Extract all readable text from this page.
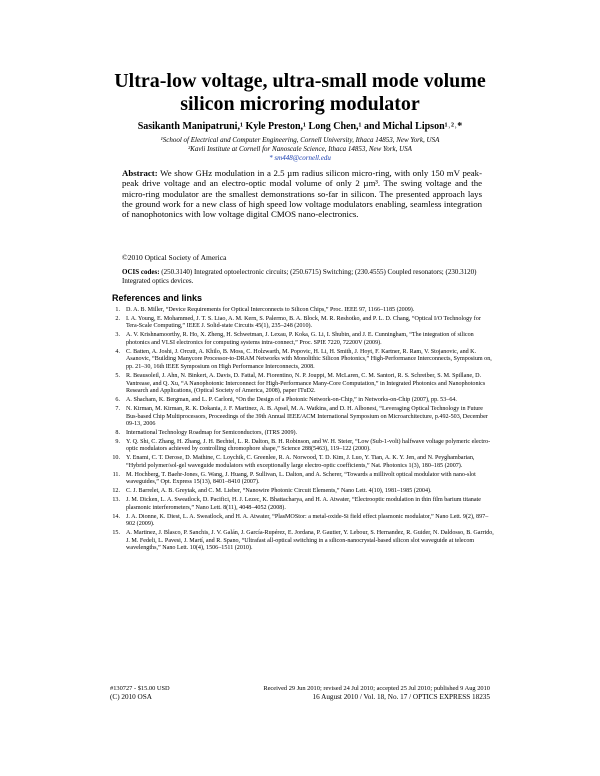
Ultra-low voltage, ultra-small mode volume
silicon microring modulator
Sasikanth Manipatruni,¹ Kyle Preston,¹ Long Chen,¹ and Michal Lipson¹˒²˒*
¹School of Electrical and Computer Engineering, Cornell University, Ithaca 14853, New York, USA
²Kavli Institute at Cornell for Nanoscale Science, Ithaca 14853, New York, USA
* sm448@cornell.edu
Abstract: We show GHz modulation in a 2.5 µm radius silicon micro-ring, with only 150 mV peak-peak drive voltage and an electro-optic modal volume of only 2 µm³. The swing voltage and the micro-ring modulator are the smallest demonstrations so-far in silicon. The presented approach lays the ground work for a new class of high speed low voltage modulators enabling, seamless integration of nanophotonics with low voltage digital CMOS nano-electronics.
©2010 Optical Society of America
OCIS codes: (250.3140) Integrated optoelectronic circuits; (250.6715) Switching; (230.4555) Coupled resonators; (230.3120) Integrated optics devices.
References and links
1. D. A. B. Miller, “Device Requirements for Optical Interconnects to Silicon Chips,” Proc. IEEE 97, 1166–1185 (2009).
2. I. A. Young, E. Mohammed, J. T. S. Liao, A. M. Kern, S. Palermo, B. A. Block, M. R. Reshotko, and P. L. D. Chang, “Optical I/O Technology for Tera-Scale Computing,” IEEE J. Solid-state Circuits 45(1), 235–248 (2010).
3. A. V. Krishnamoorthy, R. Ho, X. Zheng, H. Schwetman, J. Lexau, P. Koka, G. Li, I. Shubin, and J. E. Cunningham, “The integration of silicon photonics and VLSI electronics for computing systems intra-connect,” Proc. SPIE 7220, 72200V (2009).
4. C. Batten, A. Joshi, J. Orcutt, A. Khilo, B. Moss, C. Holzwarth, M. Popovic, H. Li, H. Smith, J. Hoyt, F. Kartner, R. Ram, V. Stojanovic, and K. Asanovic, “Building Manycore Processor-to-DRAM Networks with Monolithic Silicon Photonics,” High-Performance Interconnects, Symposium on, pp. 21–30, 16th IEEE Symposium on High Performance Interconnects, 2008.
5. R. Beausoleil, J. Ahn, N. Binkert, A. Davis, D. Fattal, M. Fiorentino, N. P. Jouppi, M. McLaren, C. M. Santori, R. S. Schreiber, S. M. Spillane, D. Vantrease, and Q. Xu, “A Nanophotonic Interconnect for High-Performance Many-Core Computation,” in Integrated Photonics and Nanophotonics Research and Applications, (Optical Society of America, 2008), paper ITuD2.
6. A. Shacham, K. Bergman, and L. P. Carloni, “On the Design of a Photonic Network-on-Chip,” in Networks-on-Chip (2007), pp. 53–64.
7. N. Kirman, M. Kirman, R. K. Dokania, J. F. Martinez, A. B. Apsel, M. A. Watkins, and D. H. Albonesi, “Leveraging Optical Technology in Future Bus-based Chip Multiprocessors, Proceedings of the 39th Annual IEEE/ACM International Symposium on Microarchitecture, p.492-503, December 09-13, 2006
8. International Technology Roadmap for Semiconductors, (ITRS 2009).
9. Y. Q. Shi, C. Zhang, H. Zhang, J. H. Bechtel, L. R. Dalton, B. H. Robinson, and W. H. Steier, “Low (Sub-1-volt) halfwave voltage polymeric electro-optic modulators achieved by controlling chromophore shape,” Science 288(5463), 119–122 (2000).
10. Y. Enami, C. T. Derose, D. Mathine, C. Loychik, C. Greenlee, R. A. Norwood, T. D. Kim, J. Luo, Y. Tian, A. K. Y. Jen, and N. Peyghambarian, “Hybrid polymer/sol-gel waveguide modulators with exceptionally large electro-optic coefficients,” Nat. Photonics 1(3), 180–185 (2007).
11. M. Hochberg, T. Baehr-Jones, G. Wang, J. Huang, P. Sullivan, L. Dalton, and A. Scherer, “Towards a millivolt optical modulator with nano-slot waveguides,” Opt. Express 15(13), 8401–8410 (2007).
12. C. J. Barrelet, A. B. Greytak, and C. M. Lieber, “Nanowire Photonic Circuit Elements,” Nano Lett. 4(10), 1981–1985 (2004).
13. J. M. Dicken, L. A. Sweatlock, D. Pacifici, H. J. Lezec, K. Bhattacharya, and H. A. Atwater, “Electrooptic modulation in thin film barium titanate plasmonic interferometers,” Nano Lett. 8(11), 4048–4052 (2008).
14. J. A. Dionne, K. Diest, L. A. Sweatlock, and H. A. Atwater, “PlasMOStor: a metal-oxide-Si field effect plasmonic modulator,” Nano Lett. 9(2), 897–902 (2009).
15. A. Martinez, J. Blasco, P. Sanchis, J. V. Galán, J. García-Rupérez, E. Jordana, P. Gautier, Y. Lebour, S. Hernandez, R. Guider, N. Daldosso, B. Garrido, J. M. Fedeli, L. Pavesi, J. Martí, and R. Spano, “Ultrafast all-optical switching in a silicon-nanocrystal-based silicon slot waveguide at telecom wavelengths,” Nano Lett. 10(4), 1506–1511 (2010).
#130727 - $15.00 USD	Received 29 Jun 2010; revised 24 Jul 2010; accepted 25 Jul 2010; published 9 Aug 2010
(C) 2010 OSA	16 August 2010 / Vol. 18, No. 17 / OPTICS EXPRESS 18235
